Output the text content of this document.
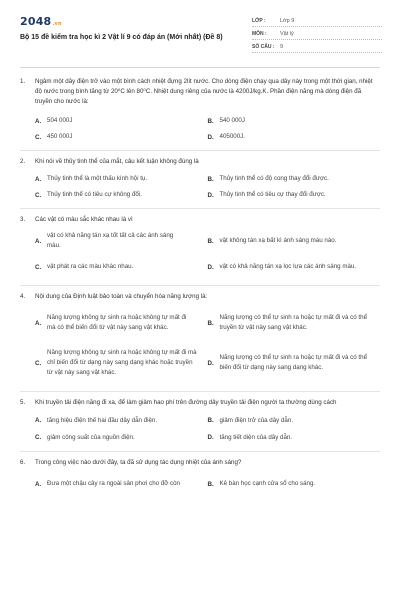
2048.vn
Bộ 15 đề kiểm tra học kì 2 Vật lí 9 có đáp án (Mới nhất) (Đề 8)
LỚP :	Lớp 9
MÔN :	Vật lý
SỐ CÂU :	9
1.	Ngâm một dây điện trở vào một bình cách nhiệt đựng 2lít nước. Cho dòng điện chạy qua dây này trong một thời gian, nhiệt độ nước trong bình tăng từ 20⁰C lên 80⁰C. Nhiệt dung riêng của nước là 4200J/kg.K. Phần điện năng mà dòng điện đã truyền cho nước là:
A. 504 000J	B. 540 000J
C. 450 000J	D. 405000J.
2.	Khi nói về thủy tinh thể của mắt, câu kết luận không đúng là
A. Thủy tinh thể là một thấu kính hội tụ.	B. Thủy tinh thể có độ cong thay đổi được.
C. Thủy tinh thể có tiêu cự không đổi.	D. Thủy tinh thể có tiêu cự thay đổi được.
3.	Các vật có màu sắc khác nhau là vì
A.
vật có khả năng tán xạ tốt tất cả các ánh sáng màu.
B. vật không tán xạ bất kì ánh sáng màu nào.
C. vật phát ra các màu khác nhau.	D. vật có khả năng tán xạ lọc lựa các ánh sáng màu.
4.	Nội dung của Định luật bảo toàn và chuyển hóa năng lượng là:
A.
Năng lượng không tự sinh ra hoặc không tự mất đi mà có thể biến đổi từ vật này sang vật khác.
B.
Năng lượng có thể tự sinh ra hoặc tự mất đi và có thể truyền từ vật này sang vật khác.
C.
Năng lượng không tự sinh ra hoặc không tự mất đi mà chỉ biến đổi từ dạng này sang dạng khác hoặc truyền từ vật này sang vật khác.
D.
Năng lượng có thể tự sinh ra hoặc tự mất đi và có thể biến đổi từ dạng này sang dạng khác.
5.	Khi truyền tải điện năng đi xa, để làm giảm hao phí trên đường dây truyền tải điện người ta thường dùng cách
A. tăng hiệu điện thế hai đầu dây dẫn điện.	B. giảm điện trở của dây dẫn.
C. giảm công suất của nguồn điện.	D. tăng tiết diện của dây dẫn.
6.	Trong công việc nào dưới đây, ta đã sử dụng tác dụng nhiệt của ánh sáng?
A. Đưa một chậu cây ra ngoài sân phơi cho đỡ còn	B. Kê bàn học cạnh cửa sổ cho sáng.
